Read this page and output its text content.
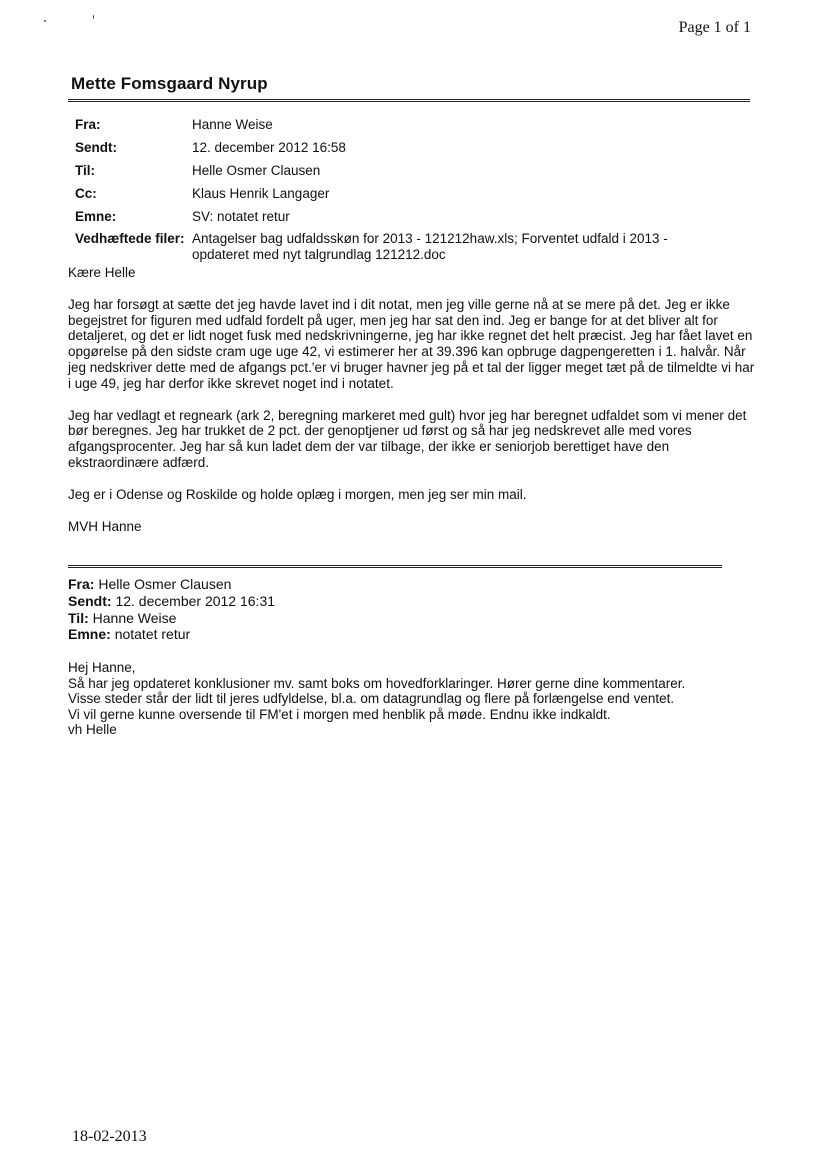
Page 1 of 1
Mette Fomsgaard Nyrup
Fra:	Hanne Weise
Sendt:	12. december 2012 16:58
Til:	Helle Osmer Clausen
Cc:	Klaus Henrik Langager
Emne:	SV: notatet retur
Vedhæftede filer: Antagelser bag udfaldsskøn for 2013 - 121212haw.xls; Forventet udfald i 2013 -
opdateret med nyt talgrundlag 121212.doc

Kære Helle

Jeg har forsøgt at sætte det jeg havde lavet ind i dit notat, men jeg ville gerne nå at se mere på det. Jeg er ikke begejstret for figuren med udfald fordelt på uger, men jeg har sat den ind. Jeg er bange for at det bliver alt for detaljeret, og det er lidt noget fusk med nedskrivningerne, jeg har ikke regnet det helt præcist. Jeg har fået lavet en opgørelse på den sidste cram uge uge 42, vi estimerer her at 39.396 kan opbruge dagpengeretten i 1. halvår. Når jeg nedskriver dette med de afgangs pct.'er vi bruger havner jeg på et tal der ligger meget tæt på de tilmeldte vi har i uge 49, jeg har derfor ikke skrevet noget ind i notatet.

Jeg har vedlagt et regneark (ark 2, beregning markeret med gult) hvor jeg har beregnet udfaldet som vi mener det bør beregnes. Jeg har trukket de 2 pct. der genoptjener ud først og så har jeg nedskrevet alle med vores afgangsprocenter. Jeg har så kun ladet dem der var tilbage, der ikke er seniorjob berettiget have den ekstraordinære adfærd.

Jeg er i Odense og Roskilde og holde oplæg i morgen, men jeg ser min mail.

MVH Hanne

Fra: Helle Osmer Clausen
Sendt: 12. december 2012 16:31
Til: Hanne Weise
Emne: notatet retur
Hej Hanne,
Så har jeg opdateret konklusioner mv. samt boks om hovedforklaringer. Hører gerne dine kommentarer.
Visse steder står der lidt til jeres udfyldelse, bl.a. om datagrundlag og flere på forlængelse end ventet.
Vi vil gerne kunne oversende til FM'et i morgen med henblik på møde. Endnu ikke indkaldt.
vh Helle
18-02-2013
